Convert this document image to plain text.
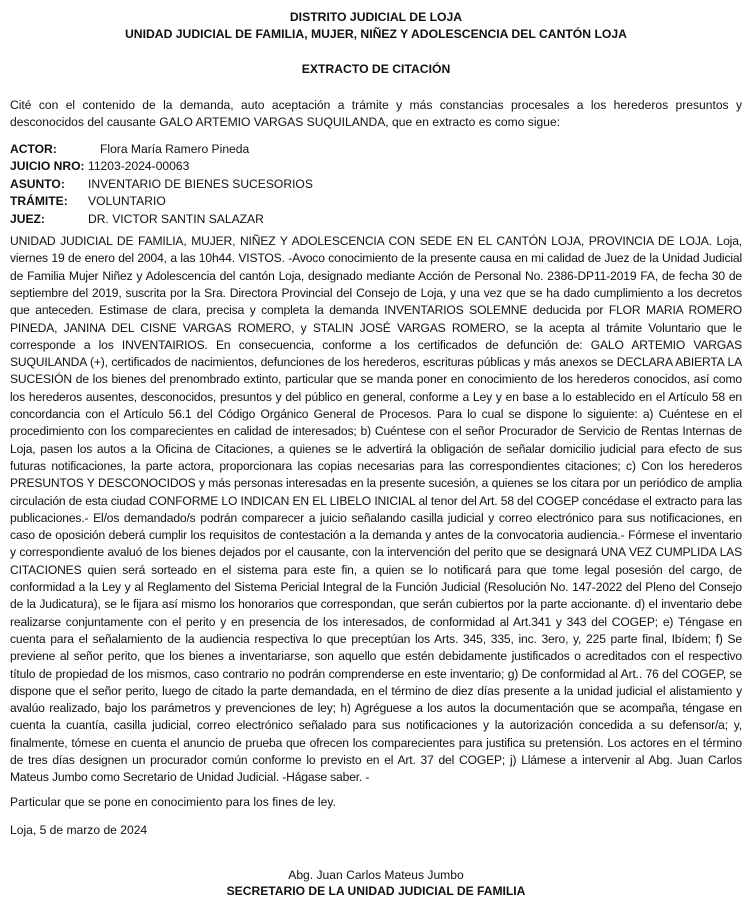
DISTRITO JUDICIAL DE LOJA
UNIDAD JUDICIAL DE FAMILIA, MUJER, NIÑEZ Y ADOLESCENCIA DEL CANTÓN LOJA
EXTRACTO DE CITACIÓN

Cité con el contenido de la demanda, auto aceptación a trámite y más constancias procesales a los herederos presuntos y desconocidos del causante GALO ARTEMIO VARGAS SUQUILANDA, que en extracto es como sigue:

ACTOR:	Flora María Ramero Pineda
JUICIO NRO:	11203-2024-00063
ASUNTO:	INVENTARIO DE BIENES SUCESORIOS
TRÁMITE:	VOLUNTARIO
JUEZ:	DR. VICTOR SANTIN SALAZAR

UNIDAD JUDICIAL DE FAMILIA, MUJER, NIÑEZ Y ADOLESCENCIA CON SEDE EN EL CANTÓN LOJA, PROVINCIA DE LOJA. Loja, viernes 19 de enero del 2004, a las 10h44. VISTOS. -Avoco conocimiento de la presente causa en mi calidad de Juez de la Unidad Judicial de Familia Mujer Niñez y Adolescencia del cantón Loja, designado mediante Acción de Personal No. 2386-DP11-2019 FA, de fecha 30 de septiembre del 2019, suscrita por la Sra. Directora Provincial del Consejo de Loja, y una vez que se ha dado cumplimiento a los decretos que anteceden. Estimase de clara, precisa y completa la demanda INVENTARIOS SOLEMNE deducida por FLOR MARIA ROMERO PINEDA, JANINA DEL CISNE VARGAS ROMERO, y STALIN JOSÉ VARGAS ROMERO, se la acepta al trámite Voluntario que le corresponde a los INVENTAIRIOS. En consecuencia, conforme a los certificados de defunción de: GALO ARTEMIO VARGAS SUQUILANDA (+), certificados de nacimientos, defunciones de los herederos, escrituras públicas y más anexos se DECLARA ABIERTA LA SUCESIÓN de los bienes del prenombrado extinto, particular que se manda poner en conocimiento de los herederos conocidos, así como los herederos ausentes, desconocidos, presuntos y del público en general, conforme a Ley y en base a lo establecido en el Artículo 58 en concordancia con el Artículo 56.1 del Código Orgánico General de Procesos. Para lo cual se dispone lo siguiente: a) Cuéntese en el procedimiento con los comparecientes en calidad de interesados; b) Cuéntese con el señor Procurador de Servicio de Rentas Internas de Loja, pasen los autos a la Oficina de Citaciones, a quienes se le advertirá la obligación de señalar domicilio judicial para efecto de sus futuras notificaciones, la parte actora, proporcionara las copias necesarias para las correspondientes citaciones; c) Con los herederos PRESUNTOS Y DESCONOCIDOS y más personas interesadas en la presente sucesión, a quienes se los citara por un periódico de amplia circulación de esta ciudad CONFORME LO INDICAN EN EL LIBELO INICIAL al tenor del Art. 58 del COGEP concédase el extracto para las publicaciones.- El/os demandado/s podrán comparecer a juicio señalando casilla judicial y correo electrónico para sus notificaciones, en caso de oposición deberá cumplir los requisitos de contestación a la demanda y antes de la convocatoria audiencia.- Fórmese el inventario y correspondiente avaluó de los bienes dejados por el causante, con la intervención del perito que se designará UNA VEZ CUMPLIDA LAS CITACIONES quien será sorteado en el sistema para este fin, a quien se lo notificará para que tome legal posesión del cargo, de conformidad a la Ley y al Reglamento del Sistema Pericial Integral de la Función Judicial (Resolución No. 147-2022 del Pleno del Consejo de la Judicatura), se le fijara así mismo los honorarios que correspondan, que serán cubiertos por la parte accionante. d) el inventario debe realizarse conjuntamente con el perito y en presencia de los interesados, de conformidad al Art.341 y 343 del COGEP; e) Téngase en cuenta para el señalamiento de la audiencia respectiva lo que preceptúan los Arts. 345, 335, inc. 3ero, y, 225 parte final, Ibídem; f) Se previene al señor perito, que los bienes a inventariarse, son aquello que estén debidamente justificados o acreditados con el respectivo título de propiedad de los mismos, caso contrario no podrán comprenderse en este inventario; g) De conformidad al Art.. 76 del COGEP, se dispone que el señor perito, luego de citado la parte demandada, en el término de diez días presente a la unidad judicial el alistamiento y avalúo realizado, bajo los parámetros y prevenciones de ley; h) Agréguese a los autos la documentación que se acompaña, téngase en cuenta la cuantía, casilla judicial, correo electrónico señalado para sus notificaciones y la autorización concedida a su defensor/a; y, finalmente, tómese en cuenta el anuncio de prueba que ofrecen los comparecientes para justifica su pretensión. Los actores en el término de tres días designen un procurador común conforme lo previsto en el Art. 37 del COGEP; j) Llámese a intervenir al Abg. Juan Carlos Mateus Jumbo como Secretario de Unidad Judicial. -Hágase saber. -

Particular que se pone en conocimiento para los fines de ley.

Loja, 5 de marzo de 2024

Abg. Juan Carlos Mateus Jumbo
SECRETARIO DE LA UNIDAD JUDICIAL DE FAMILIA
